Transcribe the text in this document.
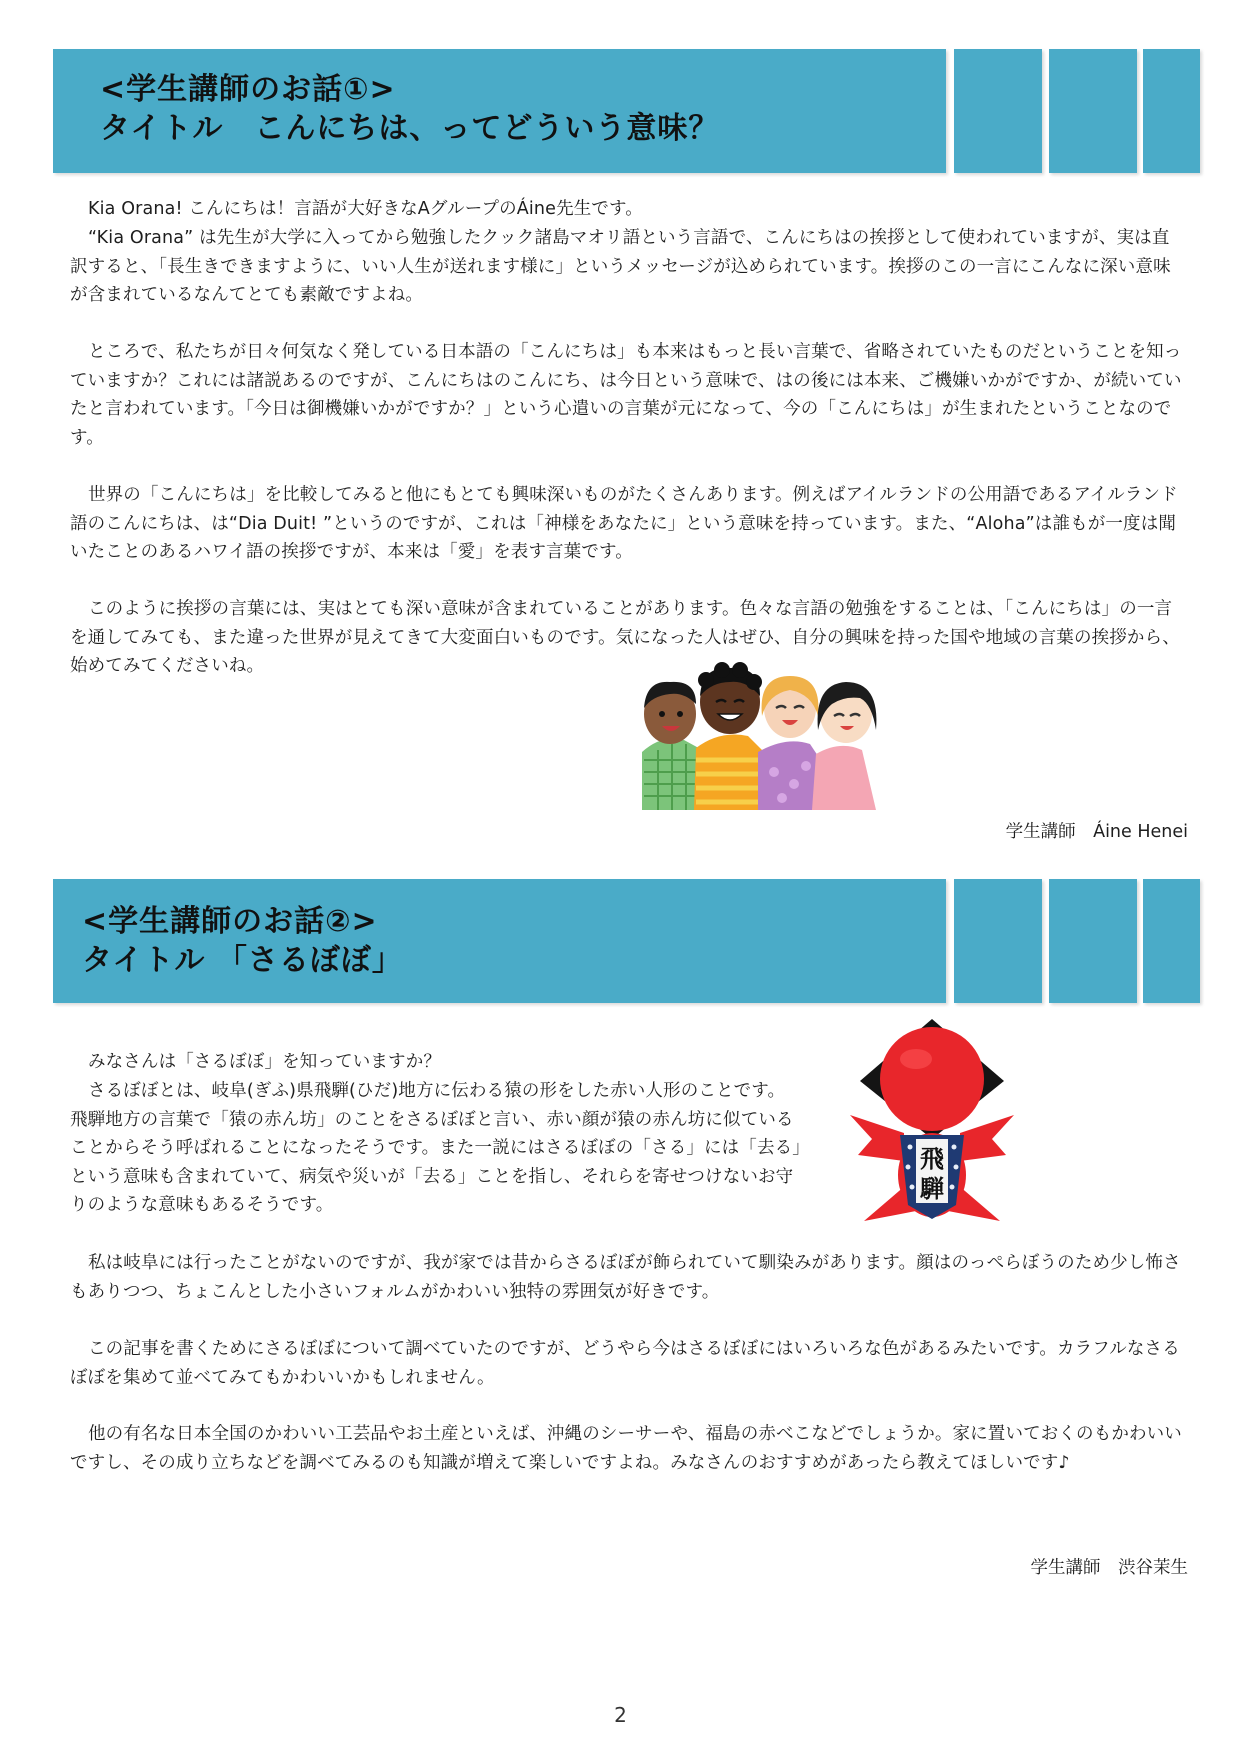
<学生講師のお話①>
タイトル　こんにちは、ってどういう意味？

Kia Orana! こんにちは！言語が大好きなAグループのÁine先生です。

“Kia Orana” は先生が大学に入ってから勉強したクック諸島マオリ語という言語で、こんにちはの挨拶として使われていますが、実は直訳すると、「長生きできますように、いい人生が送れます様に」というメッセージが込められています。挨拶のこの一言にこんなに深い意味が含まれているなんてとても素敵ですよね。

ところで、私たちが日々何気なく発している日本語の「こんにちは」も本来はもっと長い言葉で、省略されていたものだということを知っていますか？これには諸説あるのですが、こんにちはのこんにち、は今日という意味で、はの後には本来、ご機嫌いかがですか、が続いていたと言われています。「今日は御機嫌いかがですか？」という心遣いの言葉が元になって、今の「こんにちは」が生まれたということなのです。

世界の「こんにちは」を比較してみると他にもとても興味深いものがたくさんあります。例えばアイルランドの公用語であるアイルランド語のこんにちは、は“Dia Duit! ”というのですが、これは「神様をあなたに」という意味を持っています。また、“Aloha”は誰もが一度は聞いたことのあるハワイ語の挨拶ですが、本来は「愛」を表す言葉です。

このように挨拶の言葉には、実はとても深い意味が含まれていることがあります。色々な言語の勉強をすることは、「こんにちは」の一言を通してみても、また違った世界が見えてきて大変面白いものです。気になった人はぜひ、自分の興味を持った国や地域の言葉の挨拶から、始めてみてくださいね。

学生講師　Áine Henei
<学生講師のお話②>
タイトル 「さるぼぼ」

みなさんは「さるぼぼ」を知っていますか？

さるぼぼとは、岐阜(ぎふ)県飛騨(ひだ)地方に伝わる猿の形をした赤い人形のことです。飛騨地方の言葉で「猿の赤ん坊」のことをさるぼぼと言い、赤い顔が猿の赤ん坊に似ていることからそう呼ばれることになったそうです。また一説にはさるぼぼの「さる」には「去る」という意味も含まれていて、病気や災いが「去る」ことを指し、それらを寄せつけないお守りのような意味もあるそうです。

私は岐阜には行ったことがないのですが、我が家では昔からさるぼぼが飾られていて馴染みがあります。顔はのっぺらぼうのため少し怖さもありつつ、ちょこんとした小さいフォルムがかわいい独特の雰囲気が好きです。

この記事を書くためにさるぼぼについて調べていたのですが、どうやら今はさるぼぼにはいろいろな色があるみたいです。カラフルなさるぼぼを集めて並べてみてもかわいいかもしれません。

他の有名な日本全国のかわいい工芸品やお土産といえば、沖縄のシーサーや、福島の赤べこなどでしょうか。家に置いておくのもかわいいですし、その成り立ちなどを調べてみるのも知識が増えて楽しいですよね。みなさんのおすすめがあったら教えてほしいです♪

飛
騨
学生講師　渋谷茉生
2
